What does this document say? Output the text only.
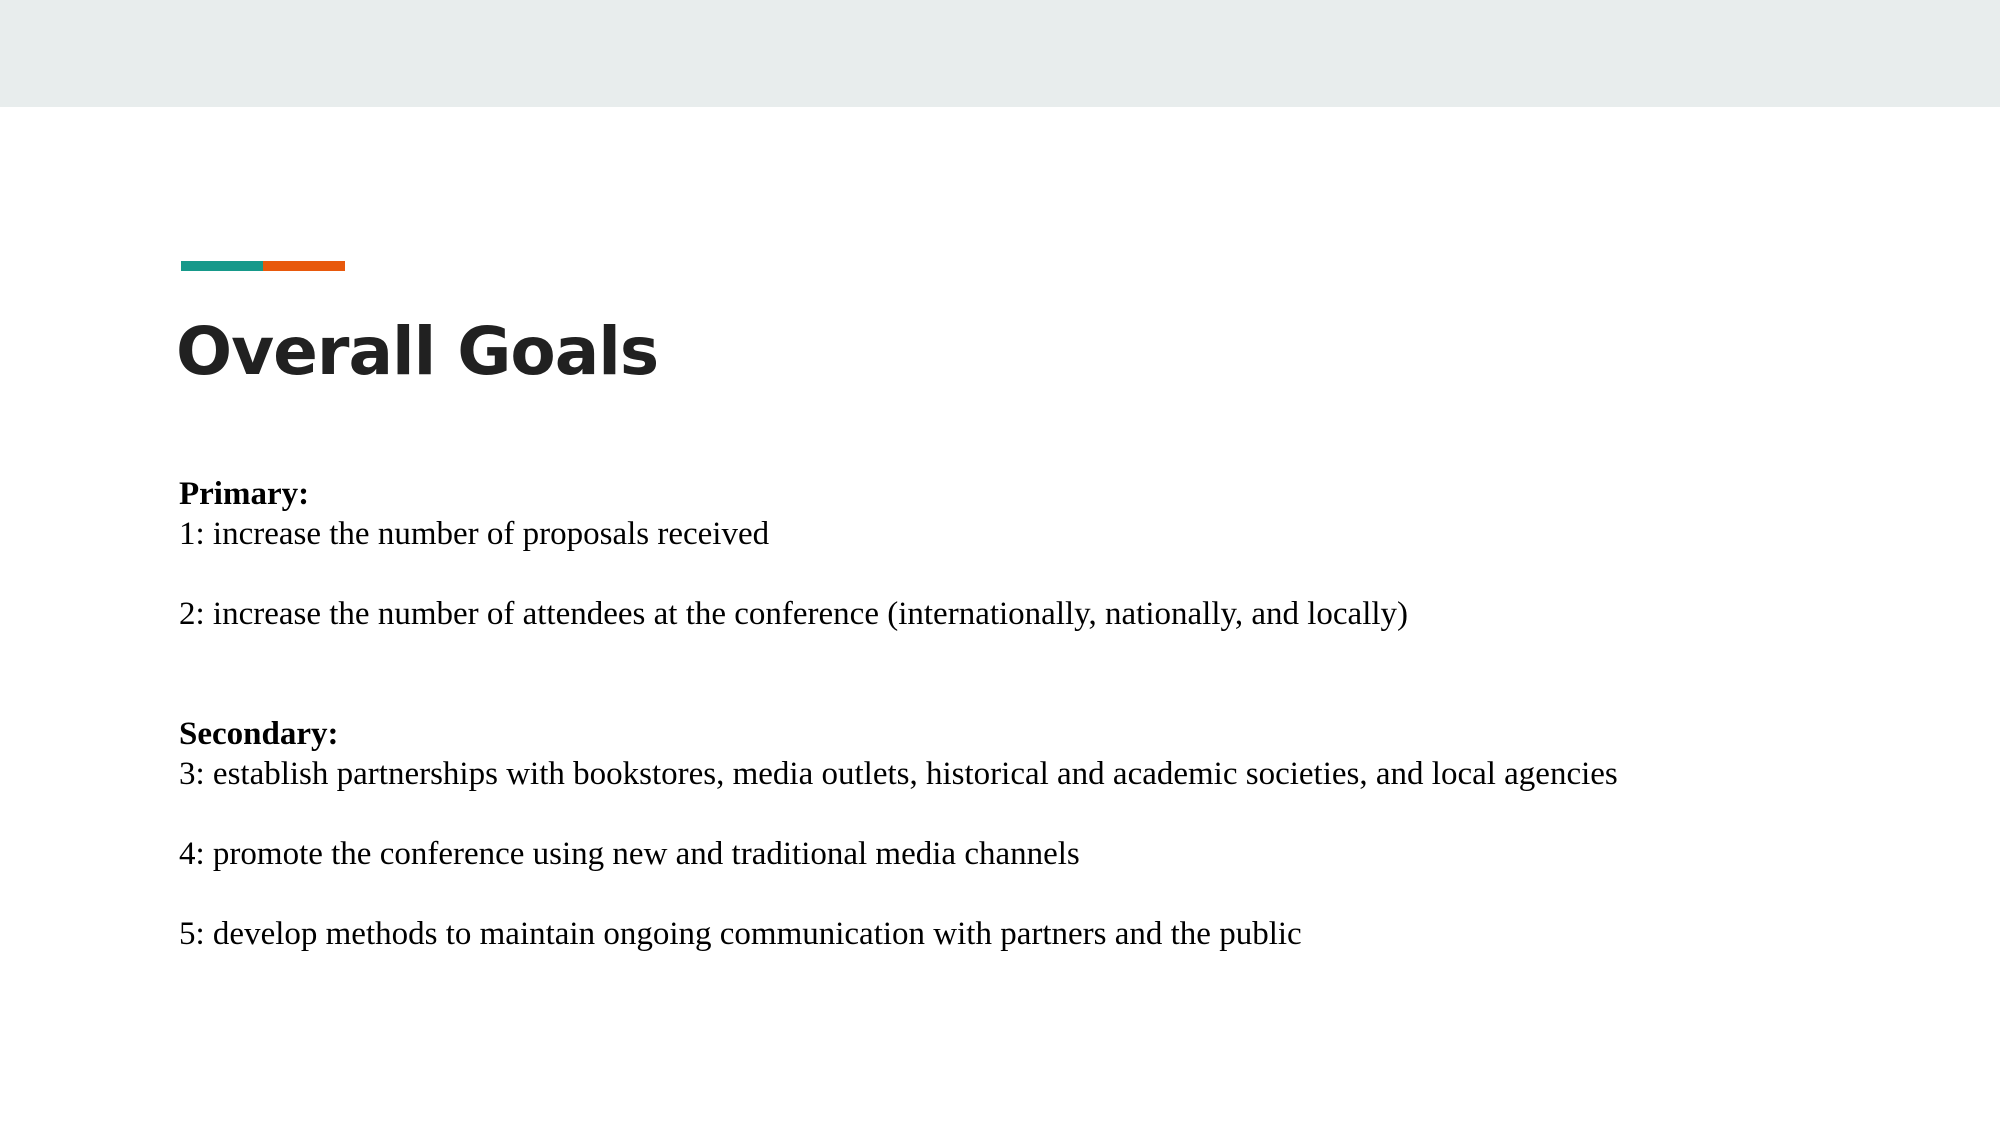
Overall Goals
Primary:
1: increase the number of proposals received
2: increase the number of attendees at the conference (internationally, nationally, and locally)
Secondary:
3: establish partnerships with bookstores, media outlets, historical and academic societies, and local agencies
4: promote the conference using new and traditional media channels
5: develop methods to maintain ongoing communication with partners and the public
